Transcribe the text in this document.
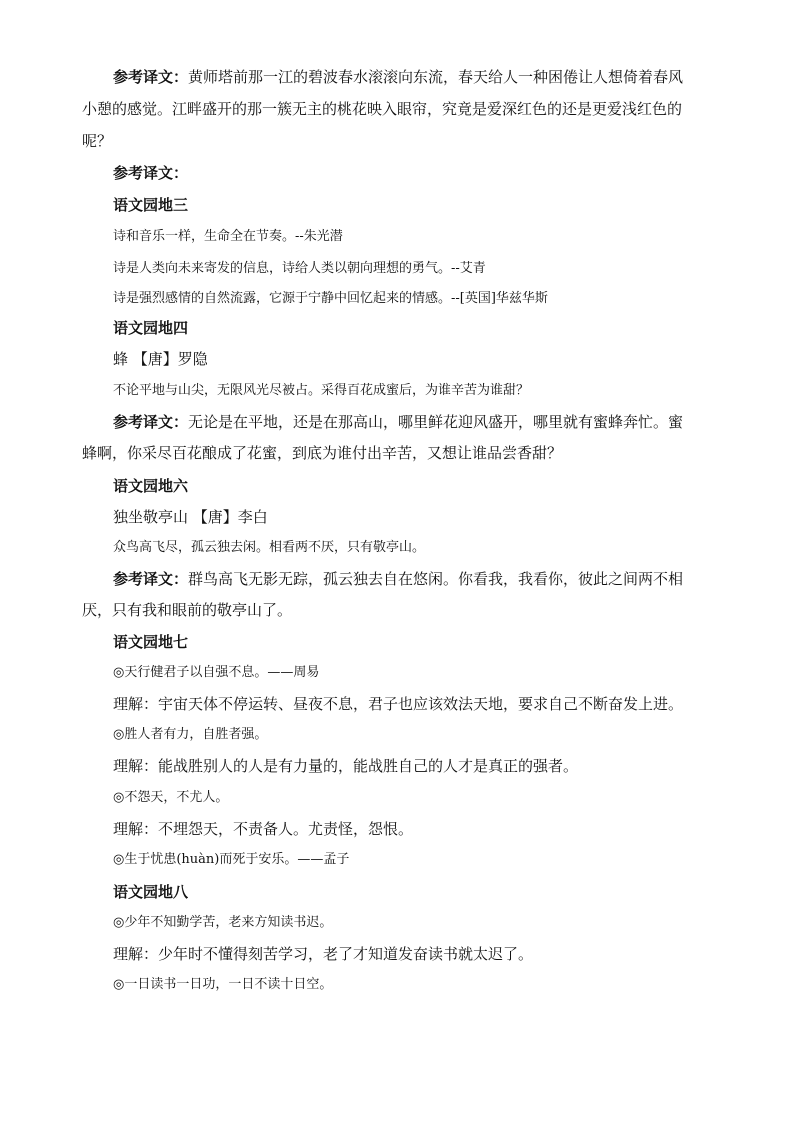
参考译文：黄师塔前那一江的碧波春水滚滚向东流，春天给人一种困倦让人想倚着春风
小憩的感觉。江畔盛开的那一簇无主的桃花映入眼帘，究竟是爱深红色的还是更爱浅红色的
呢？
参考译文：
语文园地三
诗和音乐一样，生命全在节奏。--朱光潜
诗是人类向未来寄发的信息，诗给人类以朝向理想的勇气。--艾青
诗是强烈感情的自然流露，它源于宁静中回忆起来的情感。--[英国]华兹华斯
语文园地四
蜂 【唐】罗隐
不论平地与山尖，无限风光尽被占。采得百花成蜜后，为谁辛苦为谁甜？
参考译文：无论是在平地，还是在那高山，哪里鲜花迎风盛开，哪里就有蜜蜂奔忙。蜜
蜂啊，你采尽百花酿成了花蜜，到底为谁付出辛苦，又想让谁品尝香甜？
语文园地六
独坐敬亭山 【唐】李白
众鸟高飞尽，孤云独去闲。相看两不厌，只有敬亭山。
参考译文：群鸟高飞无影无踪，孤云独去自在悠闲。你看我，我看你，彼此之间两不相
厌，只有我和眼前的敬亭山了。
语文园地七
◎天行健君子以自强不息。——周易
理解：宇宙天体不停运转、昼夜不息，君子也应该效法天地，要求自己不断奋发上进。
◎胜人者有力，自胜者强。
理解：能战胜别人的人是有力量的，能战胜自己的人才是真正的强者。
◎不怨天，不尤人。
理解：不埋怨天，不责备人。尤责怪，怨恨。
◎生于忧患(huàn)而死于安乐。——孟子
语文园地八
◎少年不知勤学苦，老来方知读书迟。
理解：少年时不懂得刻苦学习，老了才知道发奋读书就太迟了。
◎一日读书一日功，一日不读十日空。
